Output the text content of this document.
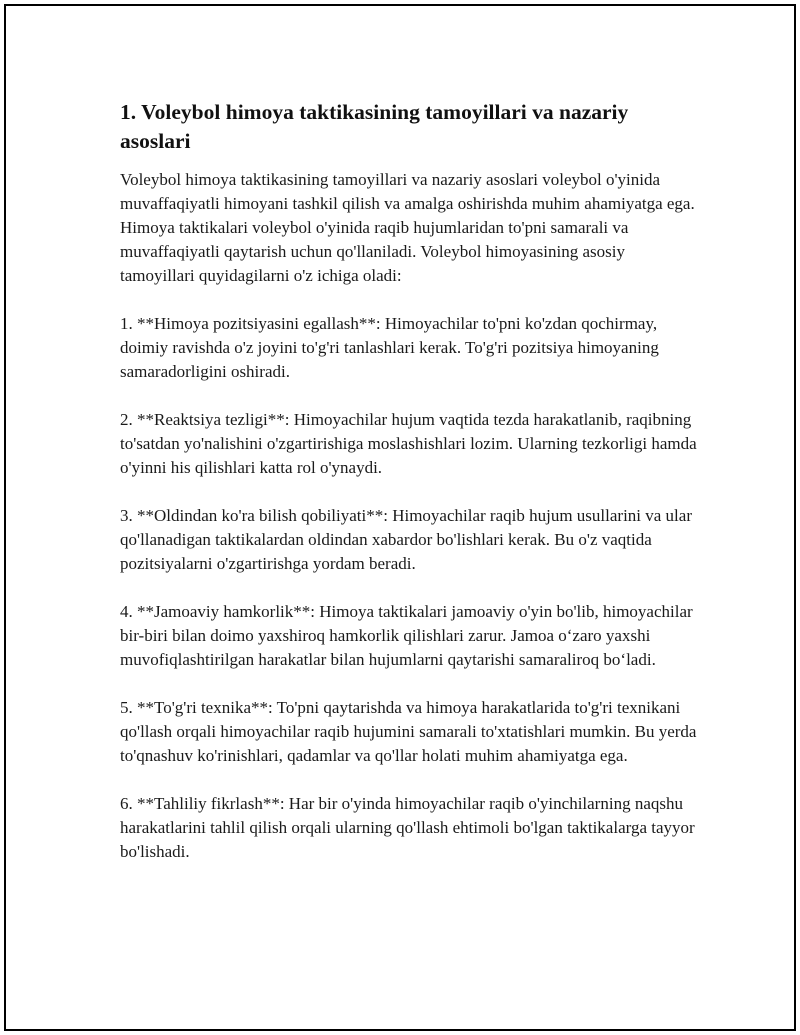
1. Voleybol himoya taktikasining tamoyillari va nazariy asoslari

Voleybol himoya taktikasining tamoyillari va nazariy asoslari voleybol o'yinida muvaffaqiyatli himoyani tashkil qilish va amalga oshirishda muhim ahamiyatga ega. Himoya taktikalari voleybol o'yinida raqib hujumlaridan to'pni samarali va muvaffaqiyatli qaytarish uchun qo'llaniladi. Voleybol himoyasining asosiy tamoyillari quyidagilarni o'z ichiga oladi:

1. **Himoya pozitsiyasini egallash**: Himoyachilar to'pni ko'zdan qochirmay, doimiy ravishda o'z joyini to'g'ri tanlashlari kerak. To'g'ri pozitsiya himoyaning samaradorligini oshiradi.

2. **Reaktsiya tezligi**: Himoyachilar hujum vaqtida tezda harakatlanib, raqibning to'satdan yo'nalishini o'zgartirishiga moslashishlari lozim. Ularning tezkorligi hamda o'yinni his qilishlari katta rol o'ynaydi.

3. **Oldindan ko'ra bilish qobiliyati**: Himoyachilar raqib hujum usullarini va ular qo'llanadigan taktikalardan oldindan xabardor bo'lishlari kerak. Bu o'z vaqtida pozitsiyalarni o'zgartirishga yordam beradi.

4. **Jamoaviy hamkorlik**: Himoya taktikalari jamoaviy o'yin bo'lib, himoyachilar bir-biri bilan doimo yaxshiroq hamkorlik qilishlari zarur. Jamoa o‘zaro yaxshi muvofiqlashtirilgan harakatlar bilan hujumlarni qaytarishi samaraliroq bo‘ladi.

5. **To'g'ri texnika**: To'pni qaytarishda va himoya harakatlarida to'g'ri texnikani qo'llash orqali himoyachilar raqib hujumini samarali to'xtatishlari mumkin. Bu yerda to'qnashuv ko'rinishlari, qadamlar va qo'llar holati muhim ahamiyatga ega.

6. **Tahliliy fikrlash**: Har bir o'yinda himoyachilar raqib o'yinchilarning naqshu harakatlarini tahlil qilish orqali ularning qo'llash ehtimoli bo'lgan taktikalarga tayyor bo'lishadi.
